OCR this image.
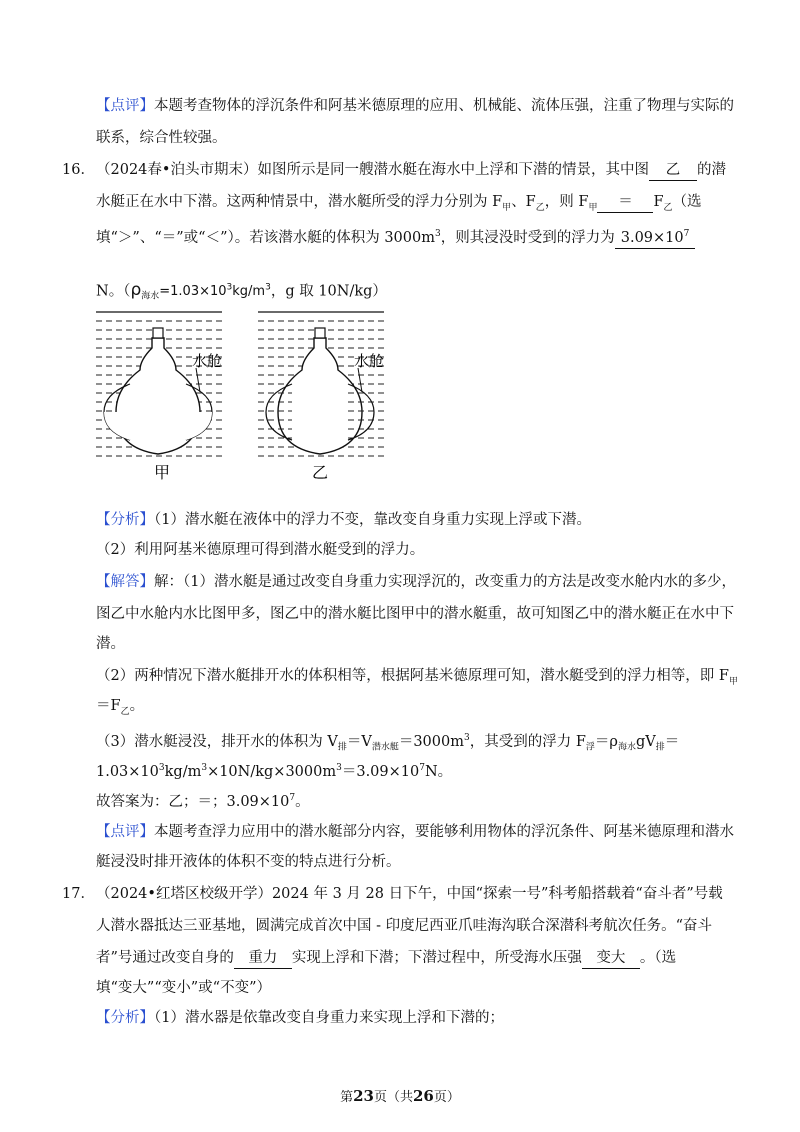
【点评】本题考查物体的浮沉条件和阿基米德原理的应用、机械能、流体压强，注重了物理与实际的
联系，综合性较强。
16． （2024春•泊头市期末）如图所示是同一艘潜水艇在海水中上浮和下潜的情景，其中图 乙 的潜
水艇正在水中下潜。这两种情景中，潜水艇所受的浮力分别为 $F_甲$、$F_乙$，则 $F_甲 = F_乙$（选
填“＞”、“＝”或“＜”）。若该潜水艇的体积为 $3000m^3$，则其浸没时受到的浮力为 $3.09\times 10^7$
N。（$\rho_{海水}=1.03\times 10^3kg/m^3$，g 取 10N/kg）
水舱
甲
水舱
乙
【分析】（1）潜水艇在液体中的浮力不变，靠改变自身重力实现上浮或下潜。
（2）利用阿基米德原理可得到潜水艇受到的浮力。
【解答】解：（1）潜水艇是通过改变自身重力实现浮沉的，改变重力的方法是改变水舱内水的多少，
图乙中水舱内水比图甲多，图乙中的潜水艇比图甲中的潜水艇重，故可知图乙中的潜水艇正在水中下
潜。
（2）两种情况下潜水艇排开水的体积相等，根据阿基米德原理可知，潜水艇受到的浮力相等，即 $F_甲$
$=F_乙$。
（3）潜水艇浸没，排开水的体积为 $V_排=V_{潜水艇}=3000m^3$，其受到的浮力 $F_浮=\rho_{海水}gV_排=$
$1.03\times 10^3kg/m^3\times 10N/kg\times 3000m^3=3.09\times 10^7N$。
故答案为：乙；＝；$3.09\times 10^7$。
【点评】本题考查浮力应用中的潜水艇部分内容，要能够利用物体的浮沉条件、阿基米德原理和潜水
艇浸没时排开液体的体积不变的特点进行分析。
17． （2024•红塔区校级开学）2024 年 3 月 28 日下午，中国“探索一号”科考船搭载着“奋斗者”号载
人潜水器抵达三亚基地，圆满完成首次中国 - 印度尼西亚爪哇海沟联合深潜科考航次任务。“奋斗
者”号通过改变自身的 重力 实现上浮和下潜；下潜过程中，所受海水压强 变大 。（选
填“变大”“变小”或“不变”）
【分析】（1）潜水器是依靠改变自身重力来实现上浮和下潜的；
第23页（共26页）
